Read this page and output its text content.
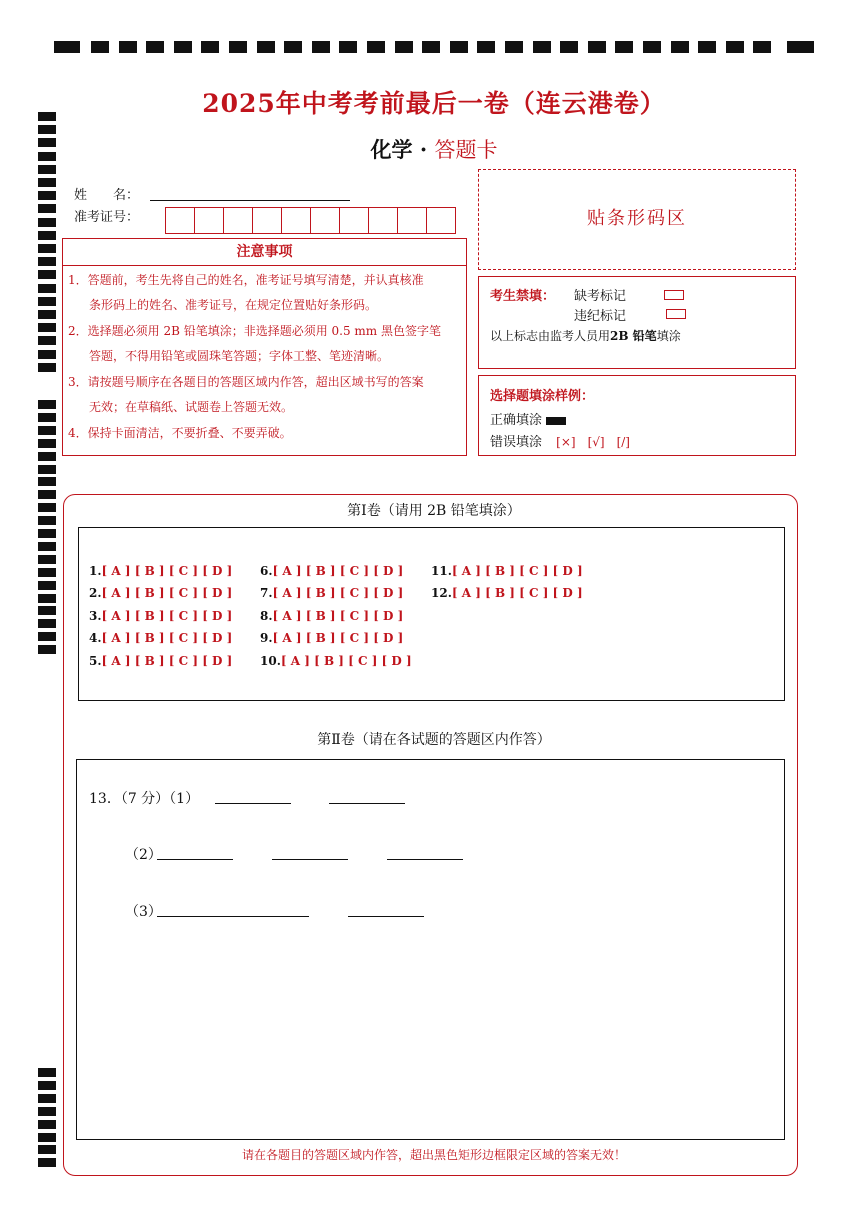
2025年中考考前最后一卷（连云港卷）
化学 · 答题卡
姓　　名：
准考证号：
注意事项
1．答题前，考生先将自己的姓名，准考证号填写清楚，并认真核准
条形码上的姓名、准考证号，在规定位置贴好条形码。
2．选择题必须用 2B 铅笔填涂；非选择题必须用 0.5 mm 黑色签字笔
答题，不得用铅笔或圆珠笔答题；字体工整、笔迹清晰。
3．请按题号顺序在各题目的答题区域内作答，超出区域书写的答案
无效；在草稿纸、试题卷上答题无效。
4．保持卡面清洁，不要折叠、不要弄破。
贴条形码区
考生禁填： 缺考标记
违纪标记
以上标志由监考人员用2B 铅笔填涂
选择题填涂样例：
正确填涂
错误填涂 [×]　[√]　[/]
第Ⅰ卷（请用 2B 铅笔填涂）
1.[ A ] [ B ] [ C ] [ D ]
2.[ A ] [ B ] [ C ] [ D ]
3.[ A ] [ B ] [ C ] [ D ]
4.[ A ] [ B ] [ C ] [ D ]
5.[ A ] [ B ] [ C ] [ D ]
6.[ A ] [ B ] [ C ] [ D ]
7.[ A ] [ B ] [ C ] [ D ]
8.[ A ] [ B ] [ C ] [ D ]
9.[ A ] [ B ] [ C ] [ D ]
10.[ A ] [ B ] [ C ] [ D ]
11.[ A ] [ B ] [ C ] [ D ]
12.[ A ] [ B ] [ C ] [ D ]
第Ⅱ卷（请在各试题的答题区内作答）
13．（7 分）（1）
（2）
（3）
请在各题目的答题区域内作答，超出黑色矩形边框限定区域的答案无效！
